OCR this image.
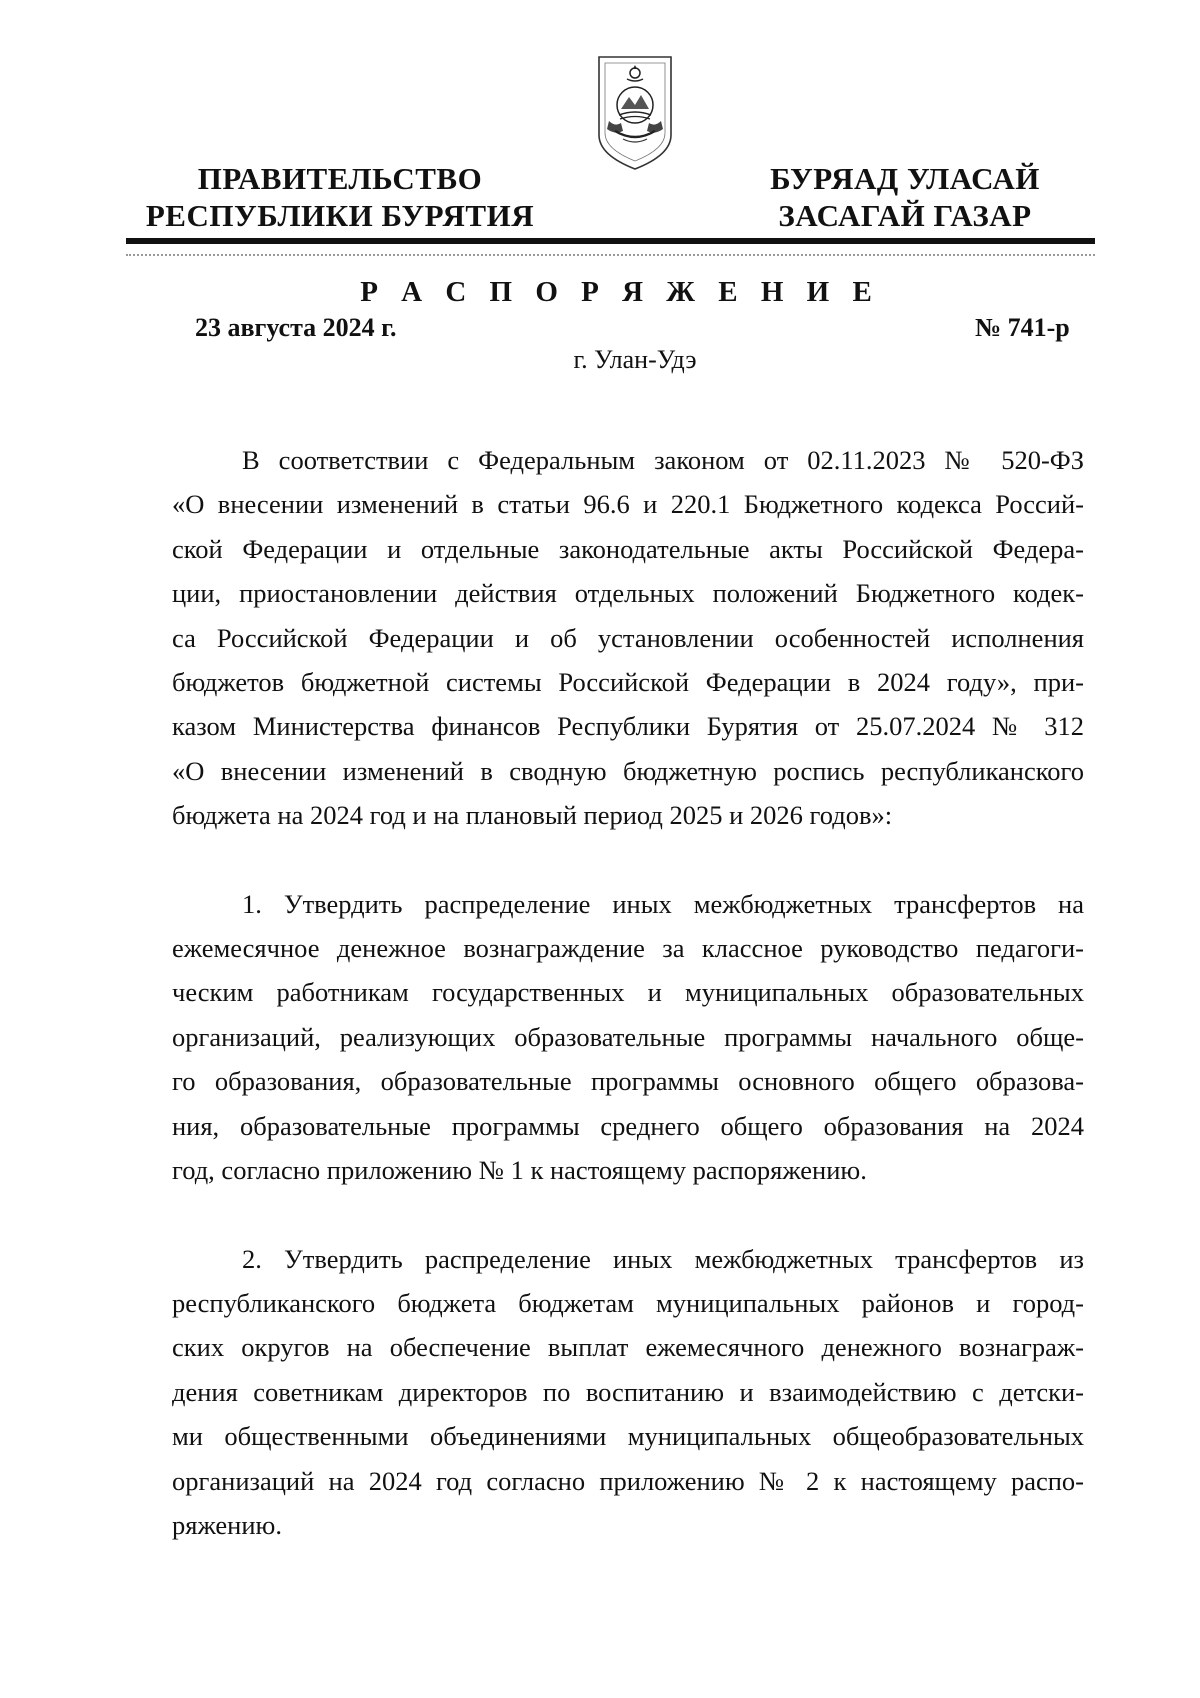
ПРАВИТЕЛЬСТВО
РЕСПУБЛИКИ БУРЯТИЯ
БУРЯАД УЛАСАЙ
ЗАСАГАЙ ГАЗАР
Р А С П О Р Я Ж Е Н И Е
23 августа 2024 г.	№ 741-р
г. Улан-Удэ

В соответствии с Федеральным законом от 02.11.2023 № 520-ФЗ
«О внесении изменений в статьи 96.6 и 220.1 Бюджетного кодекса Россий-
ской Федерации и отдельные законодательные акты Российской Федера-
ции, приостановлении действия отдельных положений Бюджетного кодек-
са Российской Федерации и об установлении особенностей исполнения
бюджетов бюджетной системы Российской Федерации в 2024 году», при-
казом Министерства финансов Республики Бурятия от 25.07.2024 № 312
«О внесении изменений в сводную бюджетную роспись республиканского
бюджета на 2024 год и на плановый период 2025 и 2026 годов»:

1. Утвердить распределение иных межбюджетных трансфертов на
ежемесячное денежное вознаграждение за классное руководство педагоги-
ческим работникам государственных и муниципальных образовательных
организаций, реализующих образовательные программы начального обще-
го образования, образовательные программы основного общего образова-
ния, образовательные программы среднего общего образования на 2024
год, согласно приложению № 1 к настоящему распоряжению.

2. Утвердить распределение иных межбюджетных трансфертов из
республиканского бюджета бюджетам муниципальных районов и город-
ских округов на обеспечение выплат ежемесячного денежного вознаграж-
дения советникам директоров по воспитанию и взаимодействию с детски-
ми общественными объединениями муниципальных общеобразовательных
организаций на 2024 год согласно приложению № 2 к настоящему распо-
ряжению.
